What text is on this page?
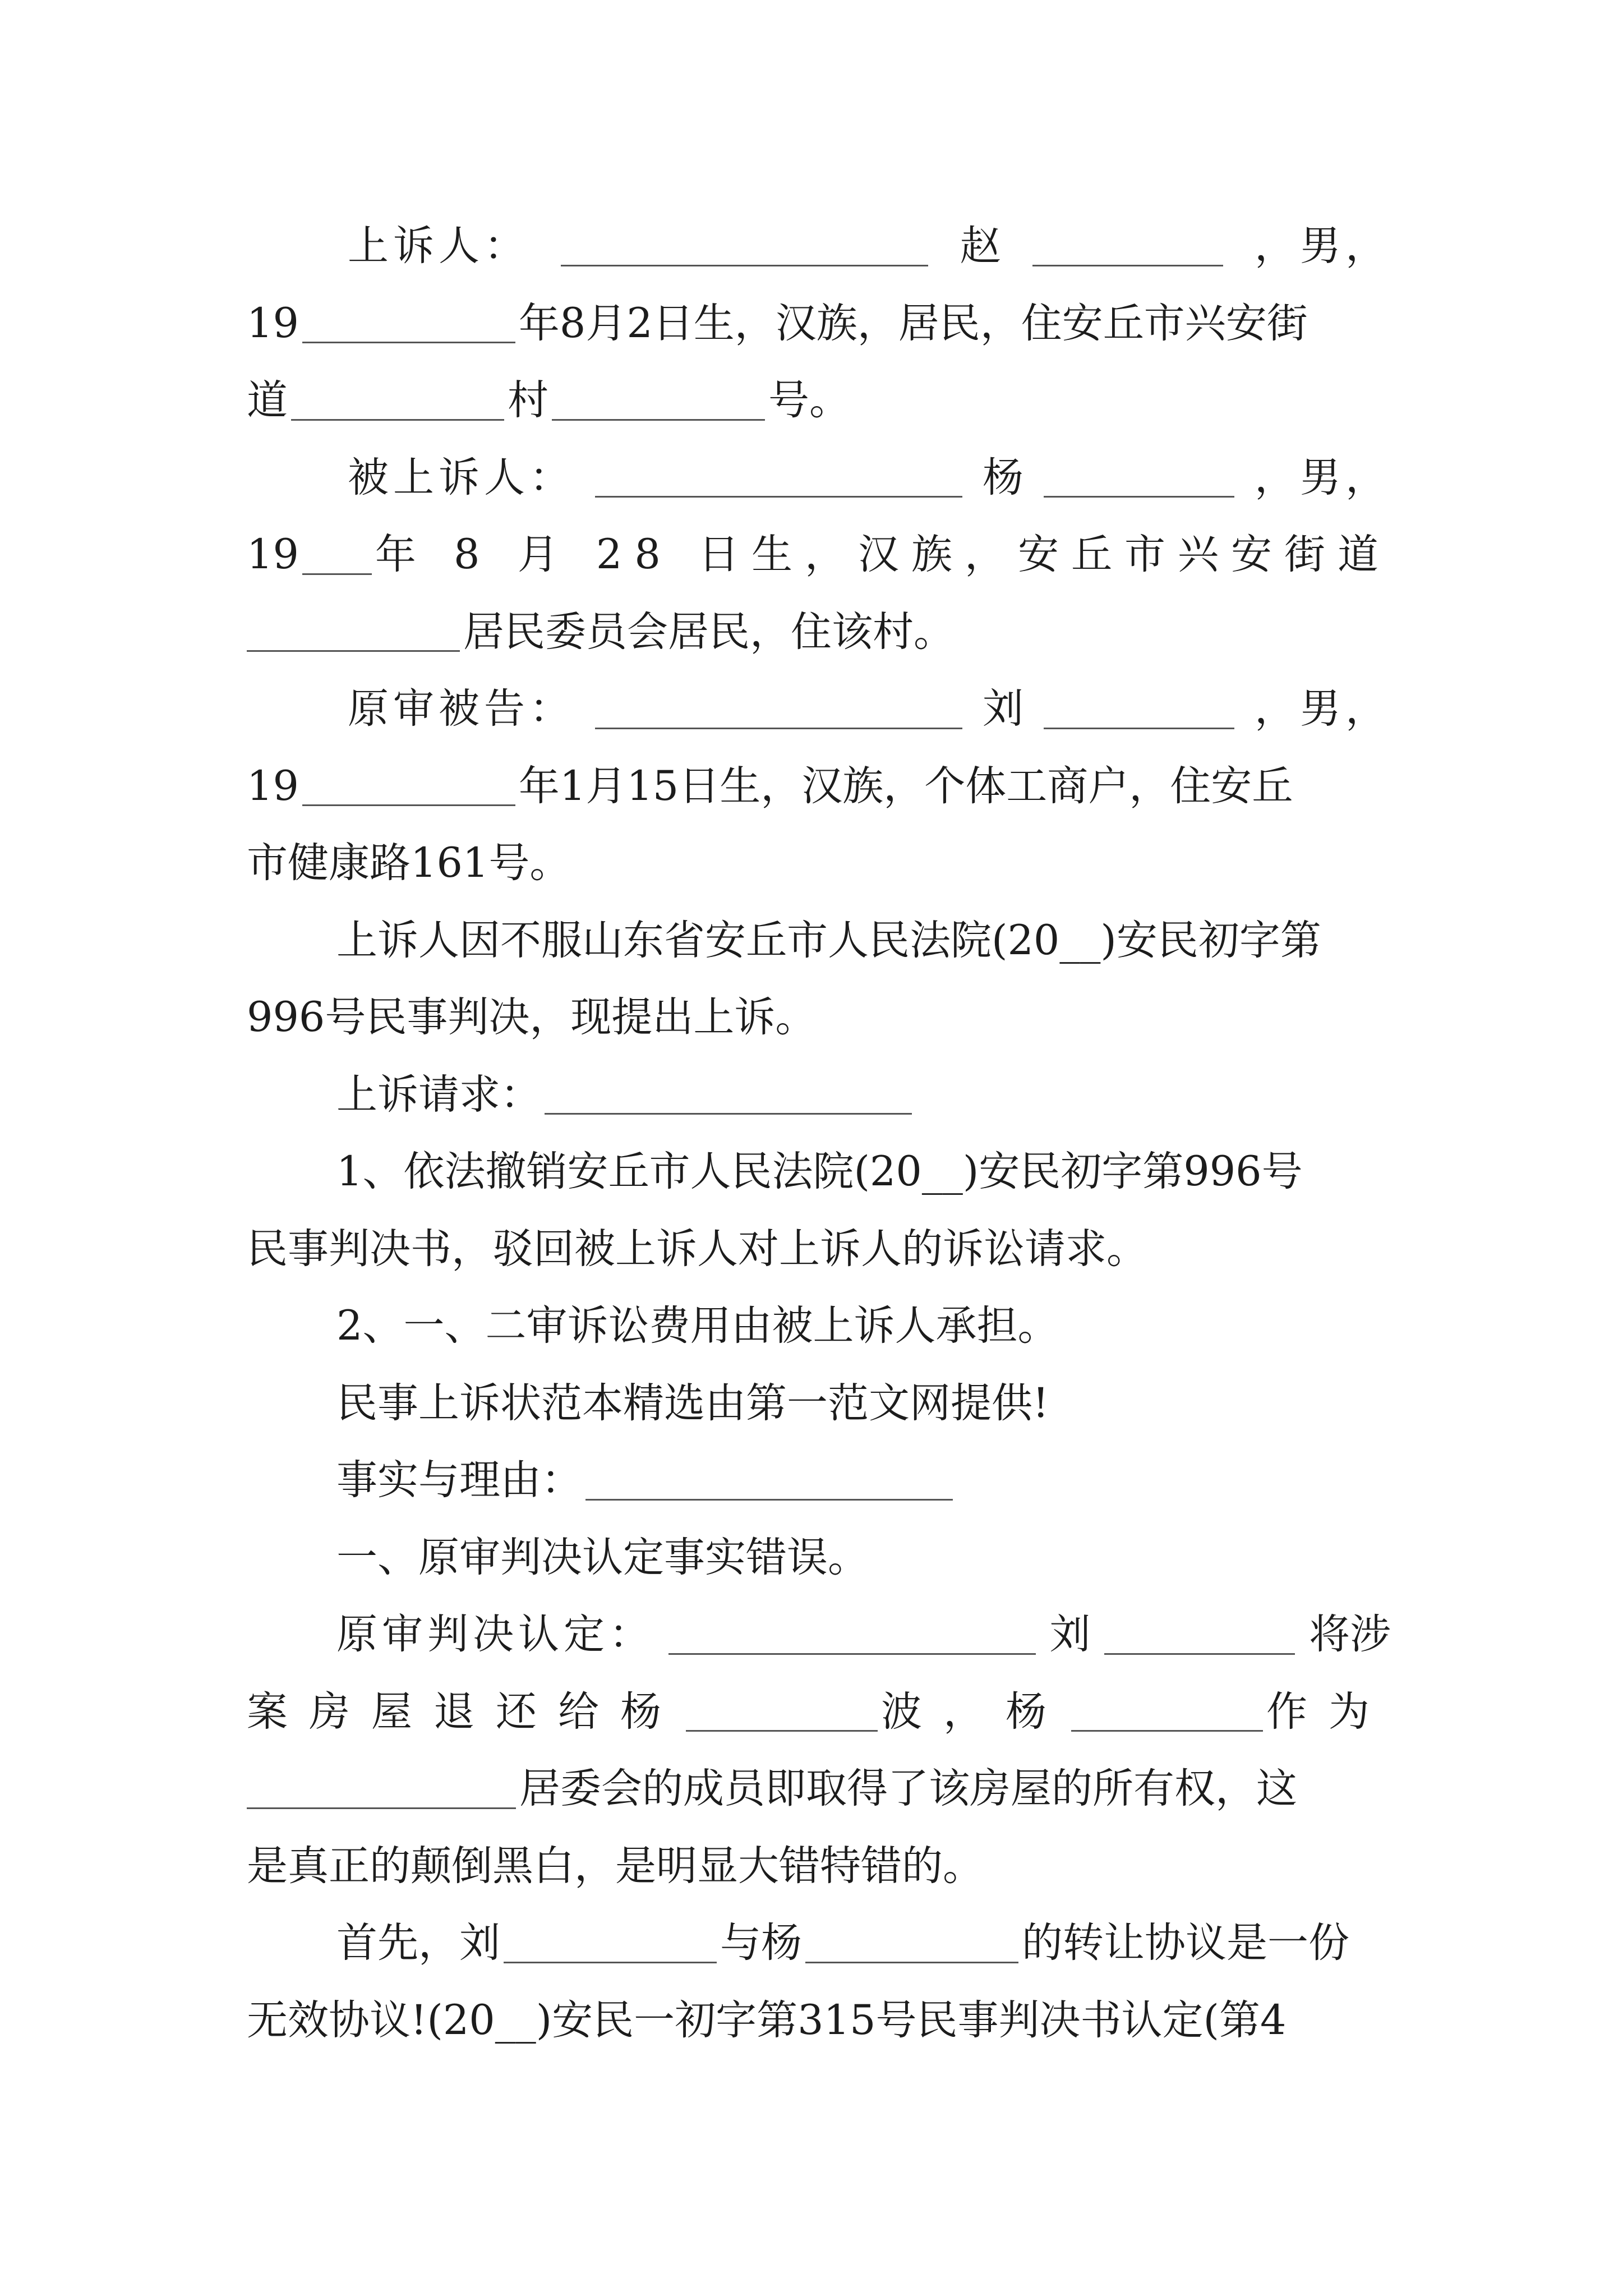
上诉人：	赵	，男，
19	年8月2日生，汉族，居民，住安丘市兴安街
道	村	号。
被上诉人：	杨	，男，
19 年 8 月 28 日生，汉族，安丘市兴安街道
居民委员会居民，住该村。
原审被告：	刘	，男，
19	年1月15日生，汉族，个体工商户，住安丘
市健康路161号。
上诉人因不服山东省安丘市人民法院(20__)安民初字第
996号民事判决，现提出上诉。
上诉请求：
1、依法撤销安丘市人民法院(20__)安民初字第996号
民事判决书，驳回被上诉人对上诉人的诉讼请求。
2、一、二审诉讼费用由被上诉人承担。
民事上诉状范本精选由第一范文网提供!
事实与理由：
一、原审判决认定事实错误。
原审判决认定：	刘	将涉
案房屋退还给杨	波，杨	作为
居委会的成员即取得了该房屋的所有权，这
是真正的颠倒黑白，是明显大错特错的。
首先，刘	与杨	的转让协议是一份
无效协议!(20__)安民一初字第315号民事判决书认定(第4
